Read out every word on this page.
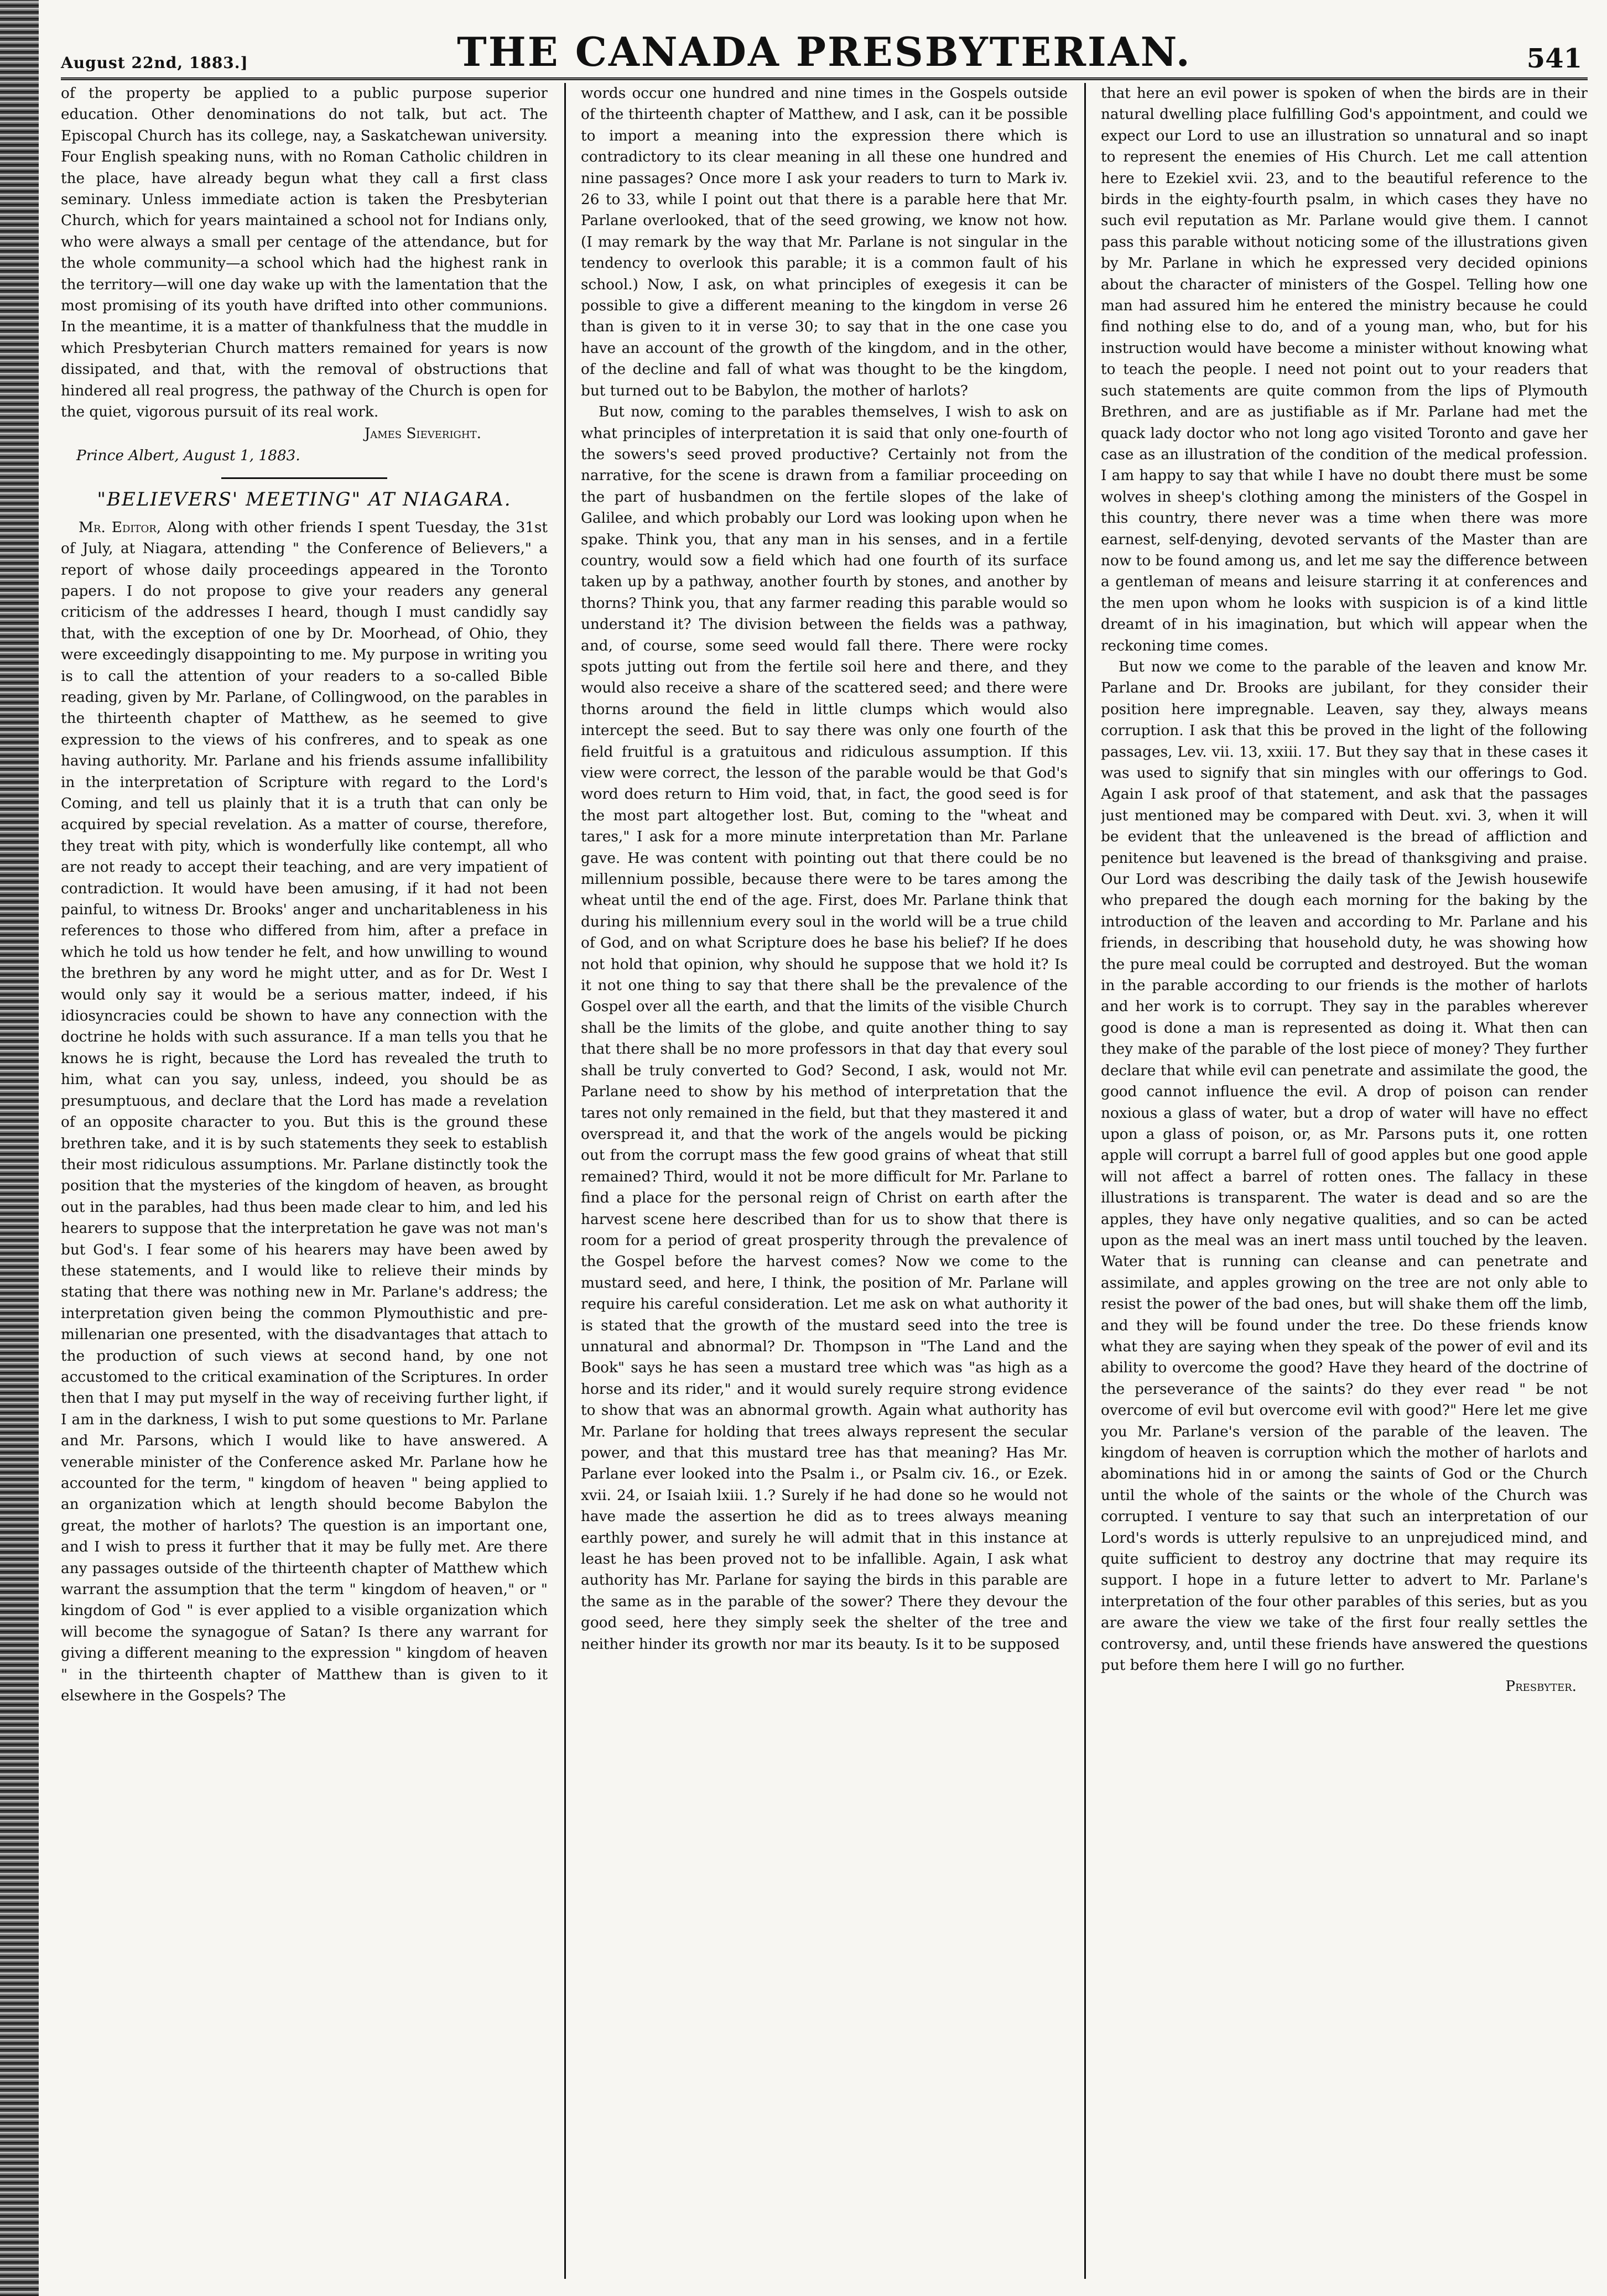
August 22nd, 1883.]	THE CANADA PRESBYTERIAN.	541

of the property be applied to a public purpose superior education. Other denominations do not talk, but act. The Episcopal Church has its college, nay, a Saskatchewan university. Four English speaking nuns, with no Roman Catholic children in the place, have already begun what they call a first class seminary. Unless immediate action is taken the Presbyterian Church, which for years maintained a school not for Indians only, who were always a small per centage of the attendance, but for the whole community—a school which had the highest rank in the territory—will one day wake up with the lamentation that the most promising of its youth have drifted into other communions. In the meantime, it is a matter of thankfulness that the muddle in which Presbyterian Church matters remained for years is now dissipated, and that, with the removal of obstructions that hindered all real progress, the pathway of the Church is open for the quiet, vigorous pursuit of its real work.

James Sieveright.
Prince Albert, August 1, 1883.
"BELIEVERS' MEETING" AT NIAGARA.

Mr. Editor, Along with other friends I spent Tuesday, the 31st of July, at Niagara, attending " the Conference of Believers," a report of whose daily proceedings appeared in the Toronto papers. I do not propose to give your readers any general criticism of the addresses I heard, though I must candidly say that, with the exception of one by Dr. Moorhead, of Ohio, they were exceedingly disappointing to me. My purpose in writing you is to call the attention of your readers to a so-called Bible reading, given by Mr. Parlane, of Collingwood, on the parables in the thirteenth chapter of Matthew, as he seemed to give expression to the views of his confreres, and to speak as one having authority. Mr. Parlane and his friends assume infallibility in the interpretation of Scripture with regard to the Lord's Coming, and tell us plainly that it is a truth that can only be acquired by special revelation. As a matter of course, therefore, they treat with pity, which is wonderfully like contempt, all who are not ready to accept their teaching, and are very impatient of contradiction. It would have been amusing, if it had not been painful, to witness Dr. Brooks' anger and uncharitableness in his references to those who differed from him, after a preface in which he told us how tender he felt, and how unwilling to wound the brethren by any word he might utter, and as for Dr. West I would only say it would be a serious matter, indeed, if his idiosyncracies could be shown to have any connection with the doctrine he holds with such assurance. If a man tells you that he knows he is right, because the Lord has revealed the truth to him, what can you say, unless, indeed, you should be as presumptuous, and declare that the Lord has made a revelation of an opposite character to you. But this is the ground these brethren take, and it is by such statements they seek to establish their most ridiculous assumptions. Mr. Parlane distinctly took the position that the mysteries of the kingdom of heaven, as brought out in the parables, had thus been made clear to him, and led his hearers to suppose that the interpretation he gave was not man's but God's. I fear some of his hearers may have been awed by these statements, and I would like to relieve their minds by stating that there was nothing new in Mr. Parlane's address; the interpretation given being the common Plymouthistic and pre-millenarian one presented, with the disadvantages that attach to the production of such views at second hand, by one not accustomed to the critical examination of the Scriptures. In order then that I may put myself in the way of receiving further light, if I am in the darkness, I wish to put some questions to Mr. Parlane and Mr. Parsons, which I would like to have answered. A venerable minister of the Conference asked Mr. Parlane how he accounted for the term, " kingdom of heaven " being applied to an organization which at length should become Babylon the great, the mother of harlots? The question is an important one, and I wish to press it further that it may be fully met. Are there any passages outside of the thirteenth chapter of Matthew which warrant the assumption that the term " kingdom of heaven," or " kingdom of God " is ever applied to a visible organization which will become the synagogue of Satan? Is there any warrant for giving a different meaning to the expression " kingdom of heaven " in the thirteenth chapter of Matthew than is given to it elsewhere in the Gospels? The

words occur one hundred and nine times in the Gospels outside of the thirteenth chapter of Matthew, and I ask, can it be possible to import a meaning into the expression there which is contradictory to its clear meaning in all these one hundred and nine passages? Once more I ask your readers to turn to Mark iv. 26 to 33, while I point out that there is a parable here that Mr. Parlane overlooked, that of the seed growing, we know not how. (I may remark by the way that Mr. Parlane is not singular in the tendency to overlook this parable; it is a common fault of his school.) Now, I ask, on what principles of exegesis it can be possible to give a different meaning to the kingdom in verse 26 than is given to it in verse 30; to say that in the one case you have an account of the growth of the kingdom, and in the other, of the decline and fall of what was thought to be the kingdom, but turned out to be Babylon, the mother of harlots?

But now, coming to the parables themselves, I wish to ask on what principles of interpretation it is said that only one-fourth of the sowers's seed proved productive? Certainly not from the narrative, for the scene is drawn from a familiar proceeding on the part of husbandmen on the fertile slopes of the lake of Galilee, and which probably our Lord was looking upon when he spake. Think you, that any man in his senses, and in a fertile country, would sow a field which had one fourth of its surface taken up by a pathway, another fourth by stones, and another by thorns? Think you, that any farmer reading this parable would so understand it? The division between the fields was a pathway, and, of course, some seed would fall there. There were rocky spots jutting out from the fertile soil here and there, and they would also receive a share of the scattered seed; and there were thorns around the field in little clumps which would also intercept the seed. But to say there was only one fourth of the field fruitful is a gratuitous and ridiculous assumption. If this view were correct, the lesson of the parable would be that God's word does return to Him void, that, in fact, the good seed is for the most part altogether lost. But, coming to the "wheat and tares," I ask for a more minute interpretation than Mr. Parlane gave. He was content with pointing out that there could be no millennium possible, because there were to be tares among the wheat until the end of the age. First, does Mr. Parlane think that during his millennium every soul in the world will be a true child of God, and on what Scripture does he base his belief? If he does not hold that opinion, why should he suppose that we hold it? Is it not one thing to say that there shall be the prevalence of the Gospel over all the earth, and that the limits of the visible Church shall be the limits of the globe, and quite another thing to say that there shall be no more professors in that day that every soul shall be truly converted to God? Second, I ask, would not Mr. Parlane need to show by his method of interpretation that the tares not only remained in the field, but that they mastered it and overspread it, and that the work of the angels would be picking out from the corrupt mass the few good grains of wheat that still remained? Third, would it not be more difficult for Mr. Parlane to find a place for the personal reign of Christ on earth after the harvest scene here described than for us to show that there is room for a period of great prosperity through the prevalence of the Gospel before the harvest comes? Now we come to the mustard seed, and here, I think, the position of Mr. Parlane will require his careful consideration. Let me ask on what authority it is stated that the growth of the mustard seed into the tree is unnatural and abnormal? Dr. Thompson in "The Land and the Book" says he has seen a mustard tree which was "as high as a horse and its rider," and it would surely require strong evidence to show that was an abnormal growth. Again what authority has Mr. Parlane for holding that trees always represent the secular power, and that this mustard tree has that meaning? Has Mr. Parlane ever looked into the Psalm i., or Psalm civ. 16., or Ezek. xvii. 24, or Isaiah lxiii. 1.? Surely if he had done so he would not have made the assertion he did as to trees always meaning earthly power, and surely he will admit that in this instance at least he has been proved not to be infallible. Again, I ask what authority has Mr. Parlane for saying the birds in this parable are the same as in the parable of the sower? There they devour the good seed, here they simply seek the shelter of the tree and neither hinder its growth nor mar its beauty. Is it to be supposed

that here an evil power is spoken of when the birds are in their natural dwelling place fulfilling God's appointment, and could we expect our Lord to use an illustration so unnatural and so inapt to represent the enemies of His Church. Let me call attention here to Ezekiel xvii. 23, and to the beautiful reference to the birds in the eighty-fourth psalm, in which cases they have no such evil reputation as Mr. Parlane would give them. I cannot pass this parable without noticing some of the illustrations given by Mr. Parlane in which he expressed very decided opinions about the character of ministers of the Gospel. Telling how one man had assured him he entered the ministry because he could find nothing else to do, and of a young man, who, but for his instruction would have become a minister without knowing what to teach the people. I need not point out to your readers that such statements are quite common from the lips of Plymouth Brethren, and are as justifiable as if Mr. Parlane had met the quack lady doctor who not long ago visited Toronto and gave her case as an illustration of the condition of the medical profession. I am happy to say that while I have no doubt there must be some wolves in sheep's clothing among the ministers of the Gospel in this country, there never was a time when there was more earnest, self-denying, devoted servants of the Master than are now to be found among us, and let me say the difference between a gentleman of means and leisure starring it at conferences and the men upon whom he looks with suspicion is of a kind little dreamt of in his imagination, but which will appear when the reckoning time comes.

But now we come to the parable of the leaven and know Mr. Parlane and Dr. Brooks are jubilant, for they consider their position here impregnable. Leaven, say they, always means corruption. I ask that this be proved in the light of the following passages, Lev. vii. 13, xxiii. 17. But they say that in these cases it was used to signify that sin mingles with our offerings to God. Again I ask proof of that statement, and ask that the passages just mentioned may be compared with Deut. xvi. 3, when it will be evident that the unleavened is the bread of affliction and penitence but leavened is the bread of thanksgiving and praise. Our Lord was describing the daily task of the Jewish housewife who prepared the dough each morning for the baking by the introduction of the leaven and according to Mr. Parlane and his friends, in describing that household duty, he was showing how the pure meal could be corrupted and destroyed. But the woman in the parable according to our friends is the mother of harlots and her work is to corrupt. They say in the parables wherever good is done a man is represented as doing it. What then can they make of the parable of the lost piece of money? They further declare that while evil can penetrate and assimilate the good, the good cannot influence the evil. A drop of poison can render noxious a glass of water, but a drop of water will have no effect upon a glass of poison, or, as Mr. Parsons puts it, one rotten apple will corrupt a barrel full of good apples but one good apple will not affect a barrel of rotten ones. The fallacy in these illustrations is transparent. The water is dead and so are the apples, they have only negative qualities, and so can be acted upon as the meal was an inert mass until touched by the leaven. Water that is running can cleanse and can penetrate and assimilate, and apples growing on the tree are not only able to resist the power of the bad ones, but will shake them off the limb, and they will be found under the tree. Do these friends know what they are saying when they speak of the power of evil and its ability to overcome the good? Have they heard of the doctrine of the perseverance of the saints? do they ever read " be not overcome of evil but overcome evil with good?" Here let me give you Mr. Parlane's version of the parable of the leaven. The kingdom of heaven is corruption which the mother of harlots and abominations hid in or among the saints of God or the Church until the whole of the saints or the whole of the Church was corrupted. I venture to say that such an interpretation of our Lord's words is utterly repulsive to an unprejudiced mind, and quite sufficient to destroy any doctrine that may require its support. I hope in a future letter to advert to Mr. Parlane's interpretation of the four other parables of this series, but as you are aware the view we take of the first four really settles the controversy, and, until these friends have answered the questions put before them here I will go no further.

Presbyter.
